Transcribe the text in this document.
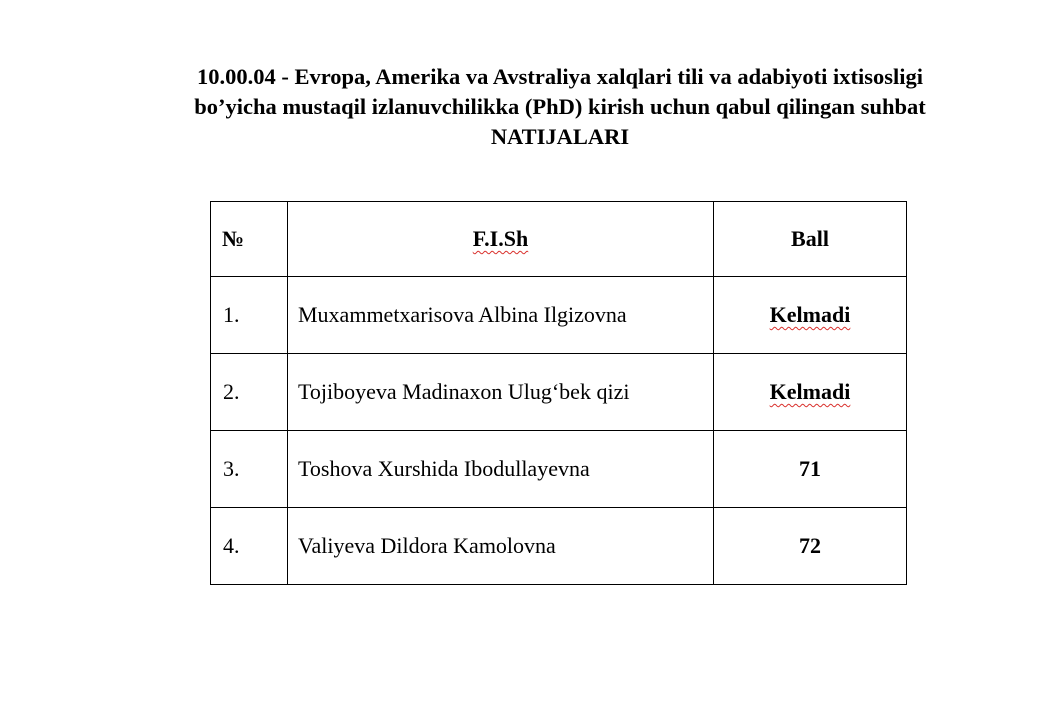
10.00.04 - Evropa, Amerika va Avstraliya xalqlari tili va adabiyoti ixtisosligi
bo’yicha mustaqil izlanuvchilikka (PhD) kirish uchun qabul qilingan suhbat
NATIJALARI
№	F.I.Sh	Ball
1.	Muxammetxarisova Albina Ilgizovna	Kelmadi
2.	Tojiboyeva Madinaxon Ulug‘bek qizi	Kelmadi
3.	Toshova Xurshida Ibodullayevna	71
4.	Valiyeva Dildora Kamolovna	72
